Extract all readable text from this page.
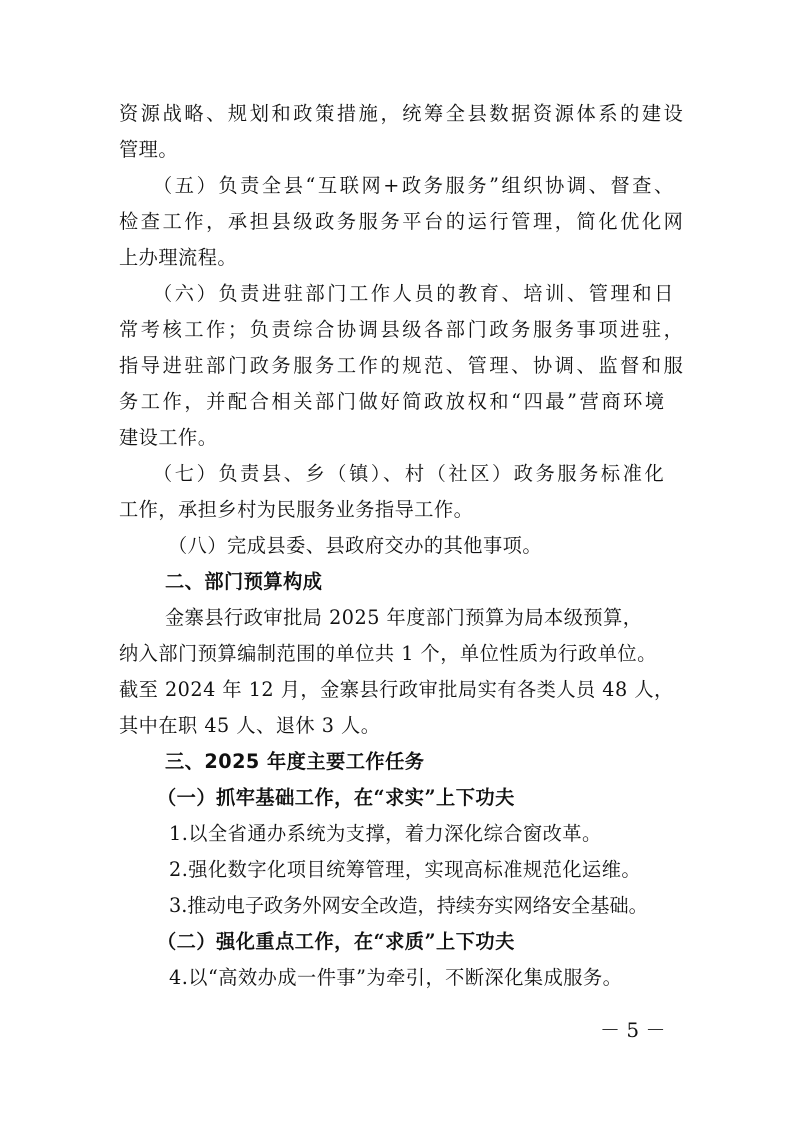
资源战略、规划和政策措施，统筹全县数据资源体系的建设

管理。

（五）负责全县“互联网+政务服务”组织协调、督查、

检查工作，承担县级政务服务平台的运行管理，简化优化网

上办理流程。

（六）负责进驻部门工作人员的教育、培训、管理和日

常考核工作；负责综合协调县级各部门政务服务事项进驻，

指导进驻部门政务服务工作的规范、管理、协调、监督和服

务工作，并配合相关部门做好简政放权和“四最”营商环境

建设工作。

（七）负责县、乡（镇）、村（社区）政务服务标准化

工作，承担乡村为民服务业务指导工作。

（八）完成县委、县政府交办的其他事项。

二、部门预算构成

金寨县行政审批局 2025 年度部门预算为局本级预算，

纳入部门预算编制范围的单位共 1 个，单位性质为行政单位。

截至 2024 年 12 月，金寨县行政审批局实有各类人员 48 人，

其中在职 45 人、退休 3 人。

三、2025 年度主要工作任务

（一）抓牢基础工作，在“求实”上下功夫

1.以全省通办系统为支撑，着力深化综合窗改革。

2.强化数字化项目统筹管理，实现高标准规范化运维。

3.推动电子政务外网安全改造，持续夯实网络安全基础。

（二）强化重点工作，在“求质”上下功夫

4.以“高效办成一件事”为牵引，不断深化集成服务。

－ 5 －
